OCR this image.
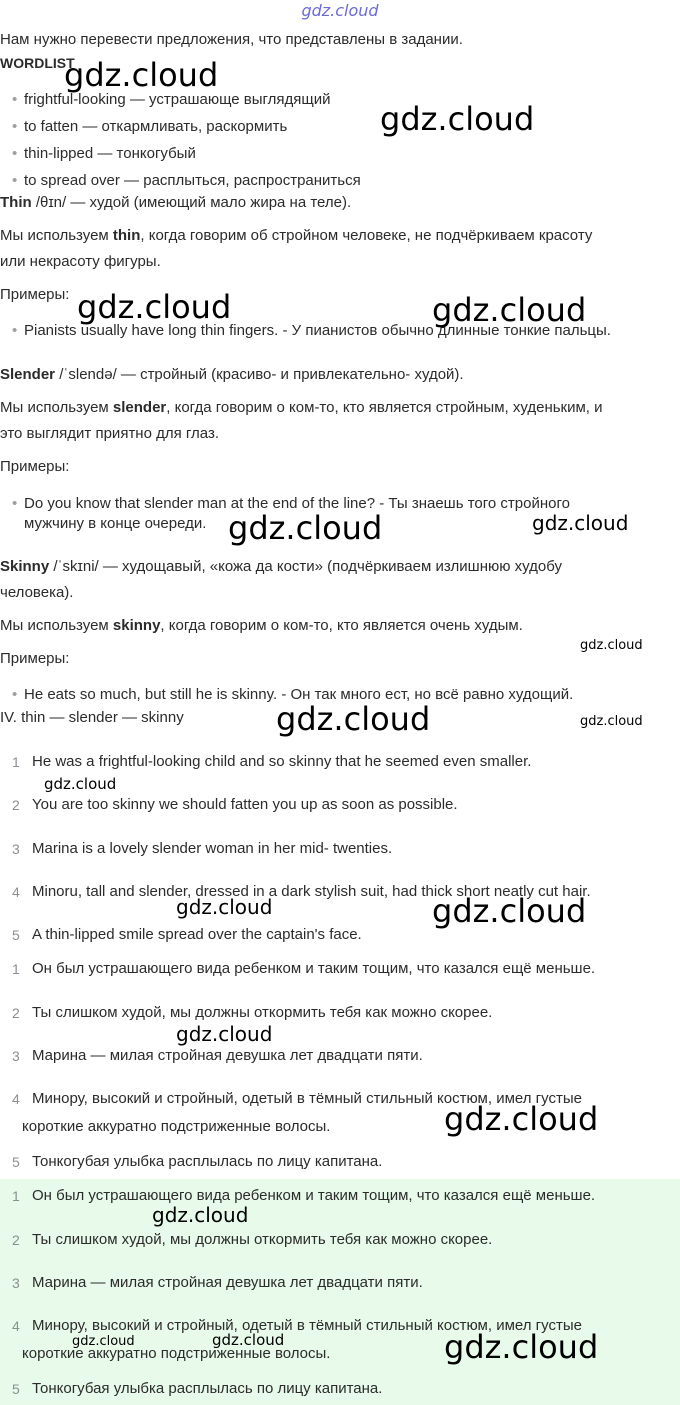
gdz.cloud
Нам нужно перевести предложения, что представлены в задании.
WORDLIST
frightful-looking — устрашающе выглядящий
to fatten — откармливать, раскормить
thin-lipped — тонкогубый
to spread over — расплыться, распространиться
Thin /θɪn/ — худой (имеющий мало жира на теле).
Мы используем thin, когда говорим об стройном человеке, не подчёркиваем красоту
или некрасоту фигуры.
Примеры:
Pianists usually have long thin fingers. - У пианистов обычно длинные тонкие пальцы.
Slender /ˈslendə/ — стройный (красиво- и привлекательно- худой).
Мы используем slender, когда говорим о ком-то, кто является стройным, худеньким, и
это выглядит приятно для глаз.
Примеры:
Do you know that slender man at the end of the line? - Ты знаешь того стройного
мужчину в конце очереди.
Skinny /ˈskɪni/ — худощавый, «кожа да кости» (подчёркиваем излишнюю худобу
человека).
Мы используем skinny, когда говорим о ком-то, кто является очень худым.
Примеры:
He eats so much, but still he is skinny. - Он так много ест, но всё равно худощий.
IV. thin — slender — skinny
1 He was a frightful-looking child and so skinny that he seemed even smaller.
2 You are too skinny we should fatten you up as soon as possible.
3 Marina is a lovely slender woman in her mid- twenties.
4 Minoru, tall and slender, dressed in a dark stylish suit, had thick short neatly cut hair.
5 A thin-lipped smile spread over the captain's face.
1 Он был устрашающего вида ребенком и таким тощим, что казался ещё меньше.
2 Ты слишком худой, мы должны откормить тебя как можно скорее.
3 Марина — милая стройная девушка лет двадцати пяти.
4 Минору, высокий и стройный, одетый в тёмный стильный костюм, имел густые
короткие аккуратно подстриженные волосы.
5 Тонкогубая улыбка расплылась по лицу капитана.
1 Он был устрашающего вида ребенком и таким тощим, что казался ещё меньше.
2 Ты слишком худой, мы должны откормить тебя как можно скорее.
3 Марина — милая стройная девушка лет двадцати пяти.
4 Минору, высокий и стройный, одетый в тёмный стильный костюм, имел густые
короткие аккуратно подстриженные волосы.
5 Тонкогубая улыбка расплылась по лицу капитана.
gdz.cloud
gdz.cloud
gdz.cloud	gdz.cloud
gdz.cloud	gdz.cloud
gdz.cloud
gdz.cloud	gdz.cloud
gdz.cloud
gdz.cloud	gdz.cloud
gdz.cloud
gdz.cloud
gdz.cloud
gdz.cloud	gdz.cloud	gdz.cloud
